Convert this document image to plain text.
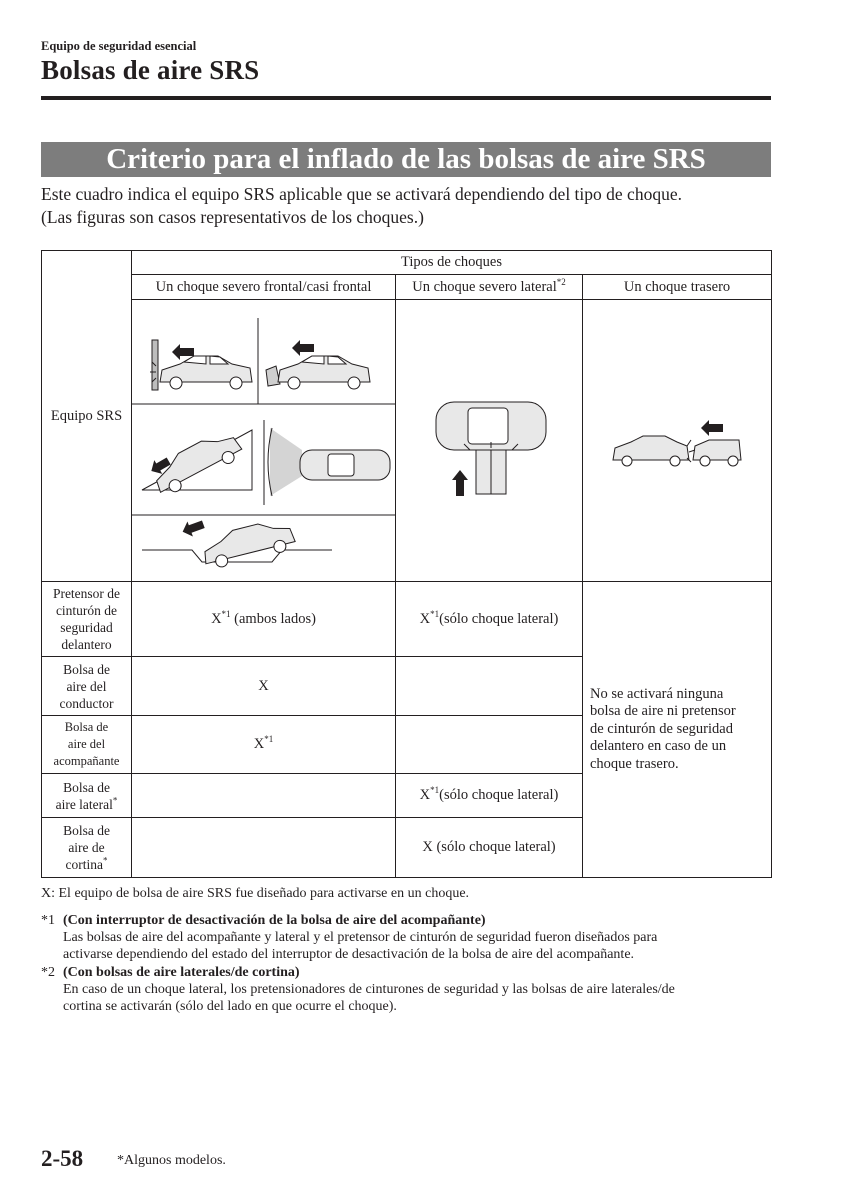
Equipo de seguridad esencial
Bolsas de aire SRS
Criterio para el inflado de las bolsas de aire SRS
Este cuadro indica el equipo SRS aplicable que se activará dependiendo del tipo de choque.
(Las figuras son casos representativos de los choques.)
Equipo SRS	Tipos de choques		
	Un choque severo frontal/casi frontal	Un choque severo lateral$^{*2}$	Un choque trasero

Pretensor de
cinturón de
seguridad
delantero	$X^{*1}$ (ambos lados)	$X^{*1}(sólo$ choque lateral)	No se activará ninguna
bolsa de aire ni pretensor
de cinturón de seguridad
delantero en caso de un
choque trasero.
Bolsa de
aire del
conductor	X		
Bolsa de
aire del
acompañante	$X^{*1}$	
Bolsa de
aire lateral*		$X^{*1}(sólo$ choque lateral)	
Bolsa de
aire de
cortina*		X (sólo choque lateral)	
X: El equipo de bolsa de aire SRS fue diseñado para activarse en un choque.
*1 (Con interruptor de desactivación de la bolsa de aire del acompañante)
Las bolsas de aire del acompañante y lateral y el pretensor de cinturón de seguridad fueron diseñados para
activarse dependiendo del estado del interruptor de desactivación de la bolsa de aire del acompañante.
*2 (Con bolsas de aire laterales/de cortina)
En caso de un choque lateral, los pretensionadores de cinturones de seguridad y las bolsas de aire laterales/de
cortina se activarán (sólo del lado en que ocurre el choque).
2-58 *Algunos modelos.
